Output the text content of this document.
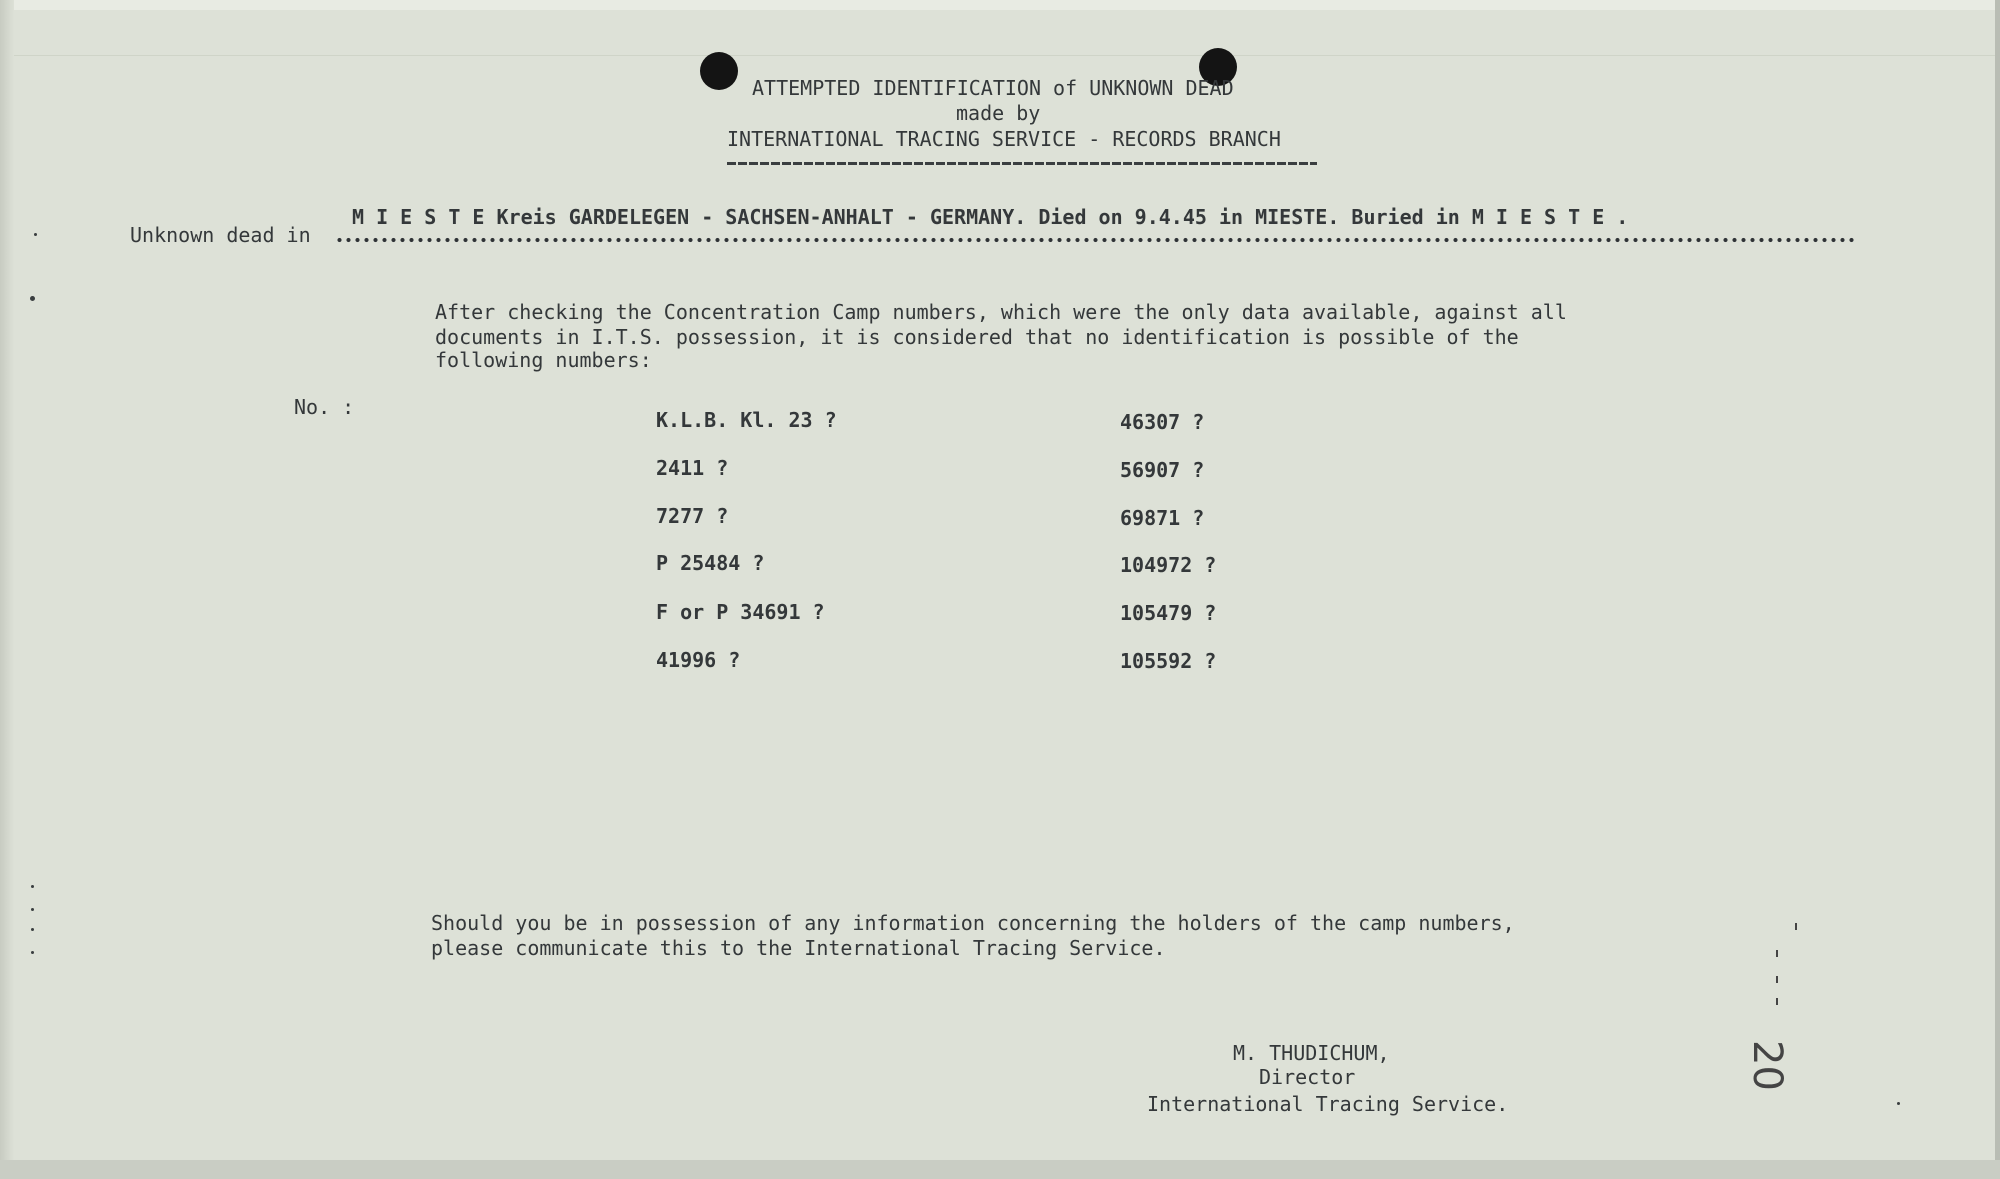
ATTEMPTED IDENTIFICATION of UNKNOWN DEAD
made by
INTERNATIONAL TRACING SERVICE - RECORDS BRANCH
M I E S T E Kreis GARDELEGEN - SACHSEN-ANHALT - GERMANY. Died on 9.4.45 in MIESTE. Buried in M I E S T E .
Unknown dead in
After checking the Concentration Camp numbers, which were the only data available, against all
documents in I.T.S. possession, it is considered that no identification is possible of the
following numbers:
No. :
K.L.B. Kl. 23 ?
2411 ?
7277 ?
P 25484 ?
F or P 34691 ?
41996 ?
46307 ?
56907 ?
69871 ?
104972 ?
105479 ?
105592 ?
Should you be in possession of any information concerning the holders of the camp numbers,
please communicate this to the International Tracing Service.
M. THUDICHUM,
Director
International Tracing Service.
20
